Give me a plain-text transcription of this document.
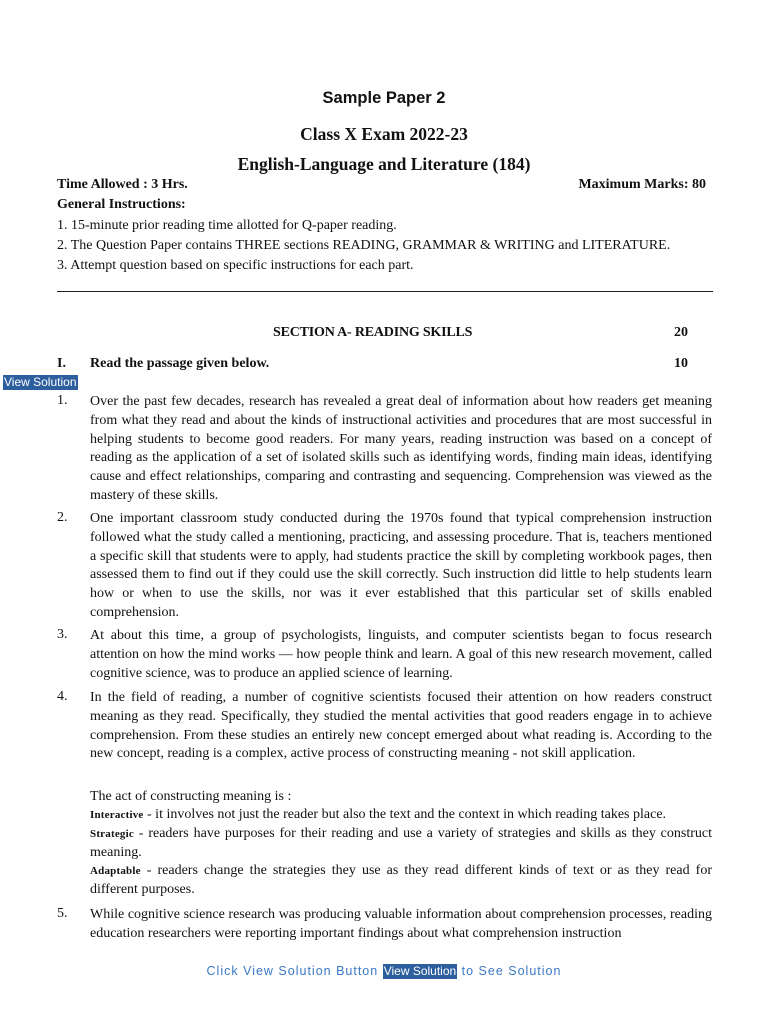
Sample Paper 2
Class X Exam 2022-23
English-Language and Literature (184)
Time Allowed : 3 Hrs.	Maximum Marks: 80
General Instructions:
1. 15-minute prior reading time allotted for Q-paper reading.
2. The Question Paper contains THREE sections READING, GRAMMAR & WRITING and LITERATURE.
3. Attempt question based on specific instructions for each part.
SECTION A- READING SKILLS	20
I. Read the passage given below.	10
View Solution
1. Over the past few decades, research has revealed a great deal of information about how readers get meaning from what they read and about the kinds of instructional activities and procedures that are most successful in helping students to become good readers. For many years, reading instruction was based on a concept of reading as the application of a set of isolated skills such as identifying words, finding main ideas, identifying cause and effect relationships, comparing and contrasting and sequencing. Comprehension was viewed as the mastery of these skills.
2. One important classroom study conducted during the 1970s found that typical comprehension instruction followed what the study called a mentioning, practicing, and assessing procedure. That is, teachers mentioned a specific skill that students were to apply, had students practice the skill by completing workbook pages, then assessed them to find out if they could use the skill correctly. Such instruction did little to help students learn how or when to use the skills, nor was it ever established that this particular set of skills enabled comprehension.
3. At about this time, a group of psychologists, linguists, and computer scientists began to focus research attention on how the mind works — how people think and learn. A goal of this new research movement, called cognitive science, was to produce an applied science of learning.
4. In the field of reading, a number of cognitive scientists focused their attention on how readers construct meaning as they read. Specifically, they studied the mental activities that good readers engage in to achieve comprehension. From these studies an entirely new concept emerged about what reading is. According to the new concept, reading is a complex, active process of constructing meaning - not skill application.
The act of constructing meaning is :
Interactive - it involves not just the reader but also the text and the context in which reading takes place.
Strategic - readers have purposes for their reading and use a variety of strategies and skills as they construct meaning.
Adaptable - readers change the strategies they use as they read different kinds of text or as they read for different purposes.
5. While cognitive science research was producing valuable information about comprehension processes, reading education researchers were reporting important findings about what comprehension instruction
Click View Solution Button View Solution to See Solution
